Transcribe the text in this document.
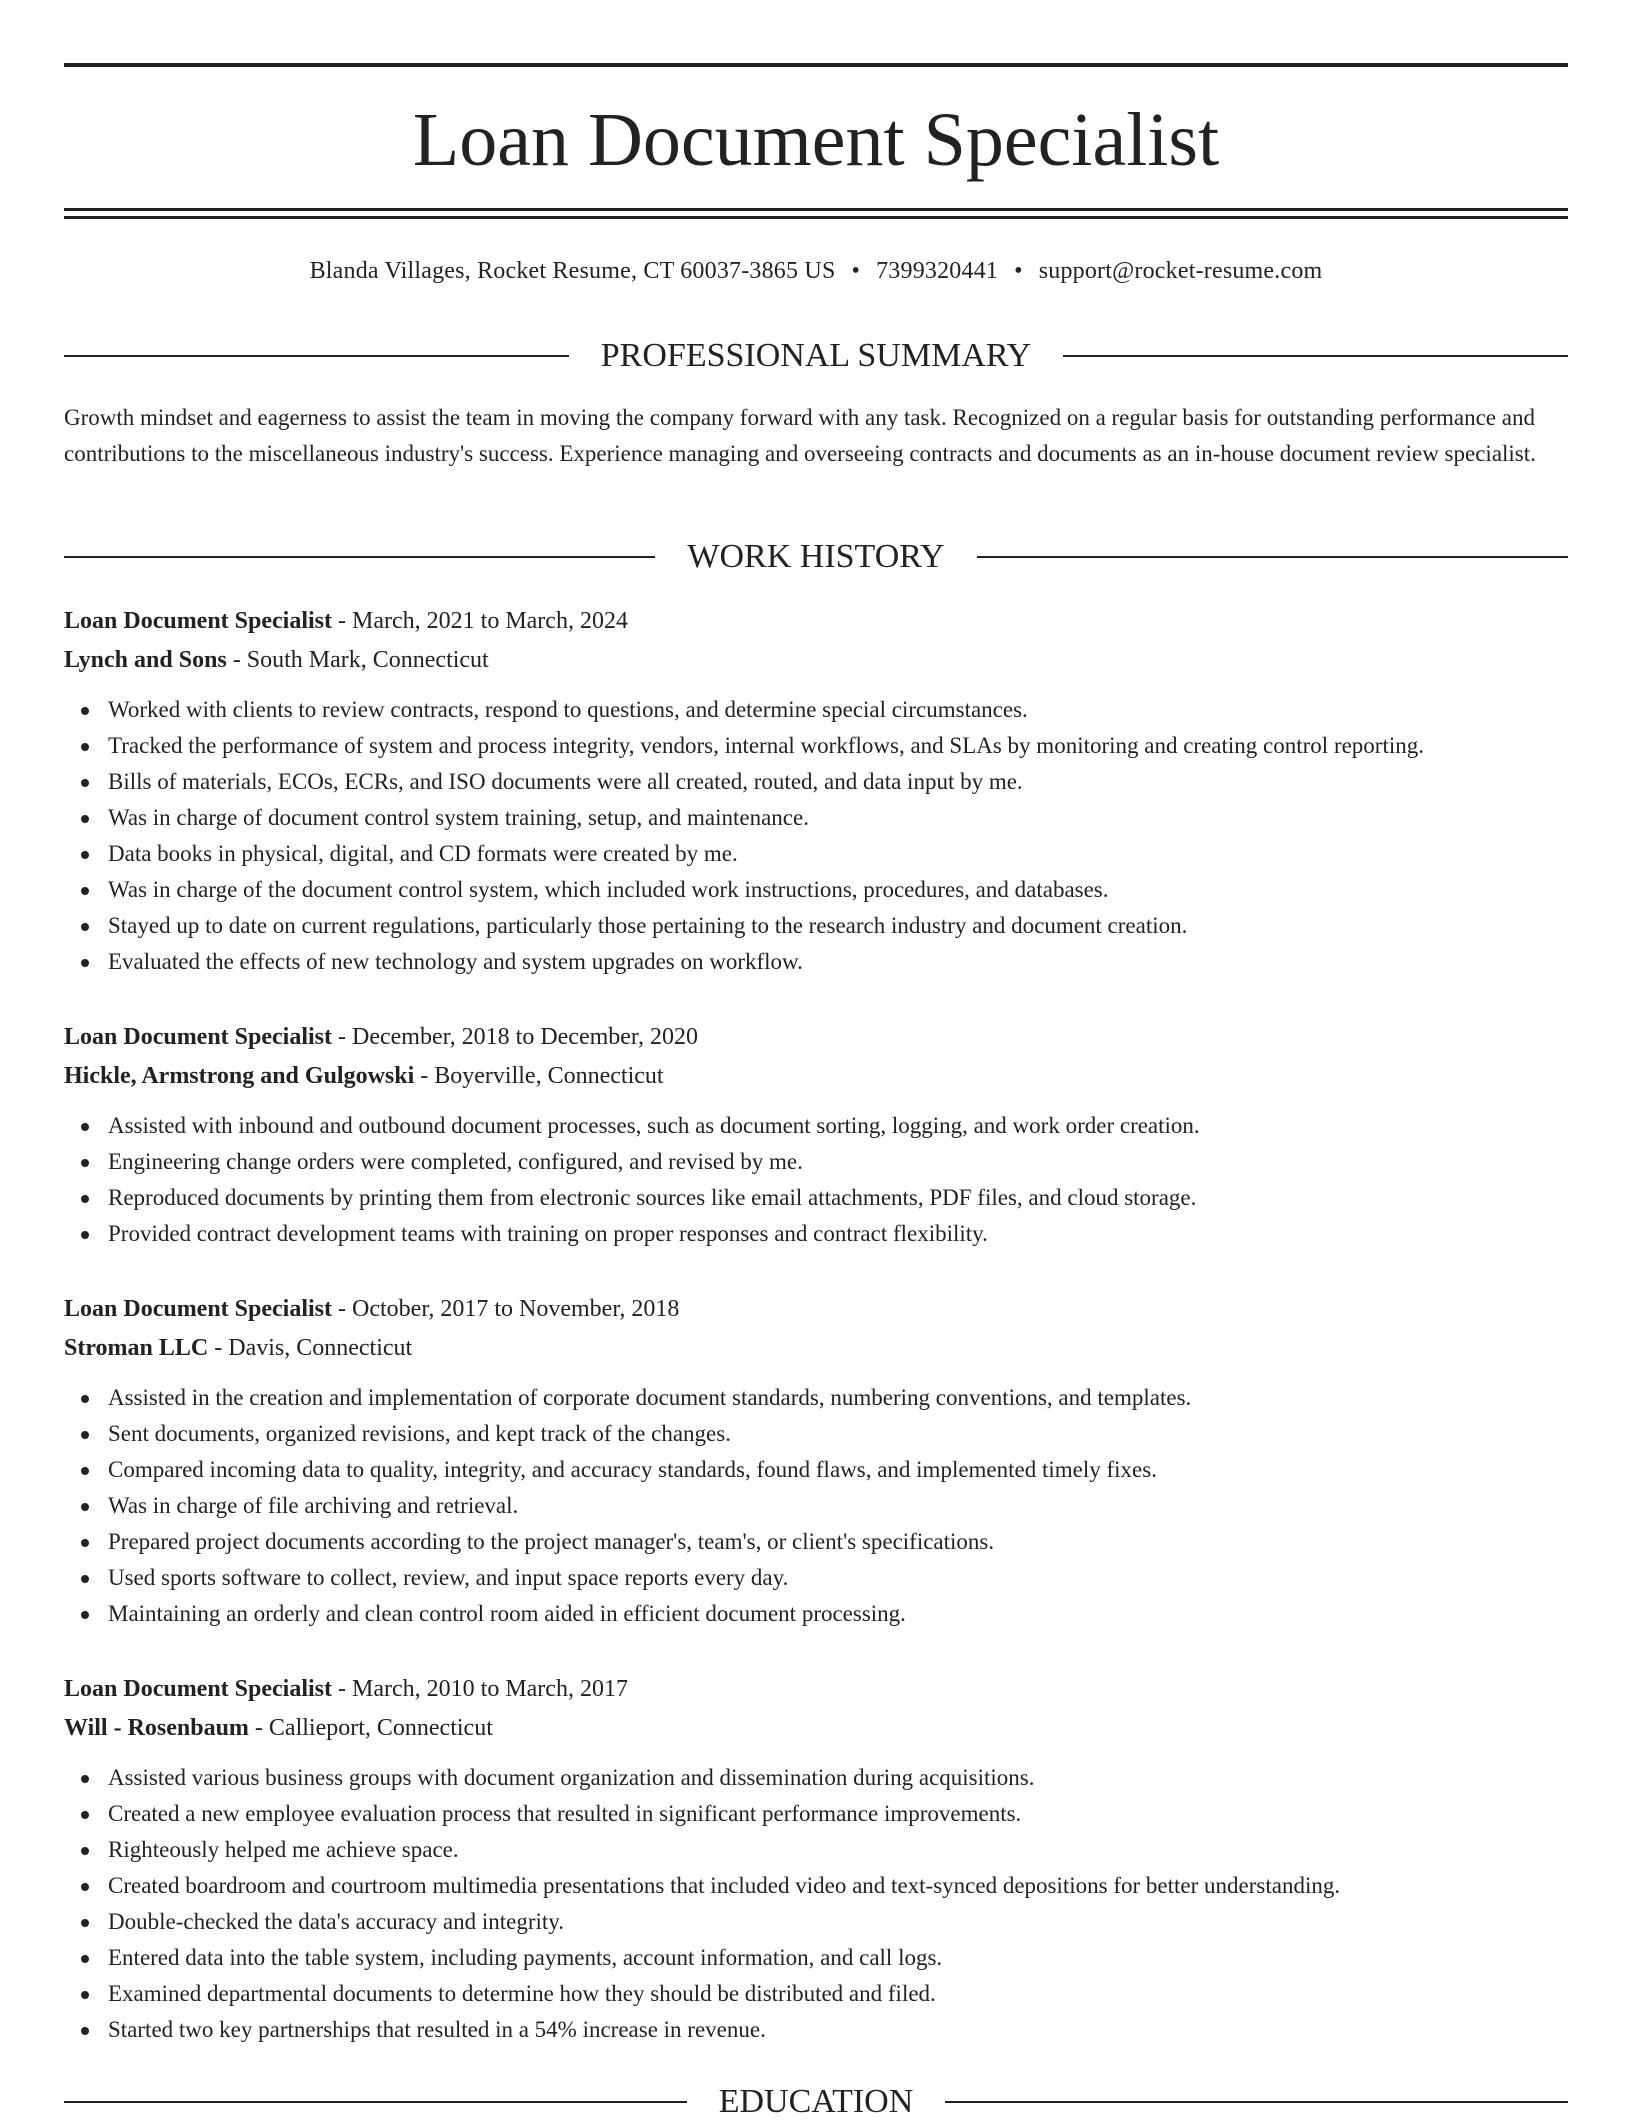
Loan Document Specialist
Blanda Villages, Rocket Resume, CT 60037-3865 US • 7399320441 • support@rocket-resume.com
PROFESSIONAL SUMMARY
Growth mindset and eagerness to assist the team in moving the company forward with any task. Recognized on a regular basis for outstanding performance and contributions to the miscellaneous industry's success. Experience managing and overseeing contracts and documents as an in-house document review specialist.
WORK HISTORY
Loan Document Specialist - March, 2021 to March, 2024
Lynch and Sons - South Mark, Connecticut
Worked with clients to review contracts, respond to questions, and determine special circumstances.
Tracked the performance of system and process integrity, vendors, internal workflows, and SLAs by monitoring and creating control reporting.
Bills of materials, ECOs, ECRs, and ISO documents were all created, routed, and data input by me.
Was in charge of document control system training, setup, and maintenance.
Data books in physical, digital, and CD formats were created by me.
Was in charge of the document control system, which included work instructions, procedures, and databases.
Stayed up to date on current regulations, particularly those pertaining to the research industry and document creation.
Evaluated the effects of new technology and system upgrades on workflow.
Loan Document Specialist - December, 2018 to December, 2020
Hickle, Armstrong and Gulgowski - Boyerville, Connecticut
Assisted with inbound and outbound document processes, such as document sorting, logging, and work order creation.
Engineering change orders were completed, configured, and revised by me.
Reproduced documents by printing them from electronic sources like email attachments, PDF files, and cloud storage.
Provided contract development teams with training on proper responses and contract flexibility.
Loan Document Specialist - October, 2017 to November, 2018
Stroman LLC - Davis, Connecticut
Assisted in the creation and implementation of corporate document standards, numbering conventions, and templates.
Sent documents, organized revisions, and kept track of the changes.
Compared incoming data to quality, integrity, and accuracy standards, found flaws, and implemented timely fixes.
Was in charge of file archiving and retrieval.
Prepared project documents according to the project manager's, team's, or client's specifications.
Used sports software to collect, review, and input space reports every day.
Maintaining an orderly and clean control room aided in efficient document processing.
Loan Document Specialist - March, 2010 to March, 2017
Will - Rosenbaum - Callieport, Connecticut
Assisted various business groups with document organization and dissemination during acquisitions.
Created a new employee evaluation process that resulted in significant performance improvements.
Righteously helped me achieve space.
Created boardroom and courtroom multimedia presentations that included video and text-synced depositions for better understanding.
Double-checked the data's accuracy and integrity.
Entered data into the table system, including payments, account information, and call logs.
Examined departmental documents to determine how they should be distributed and filed.
Started two key partnerships that resulted in a 54% increase in revenue.
EDUCATION
